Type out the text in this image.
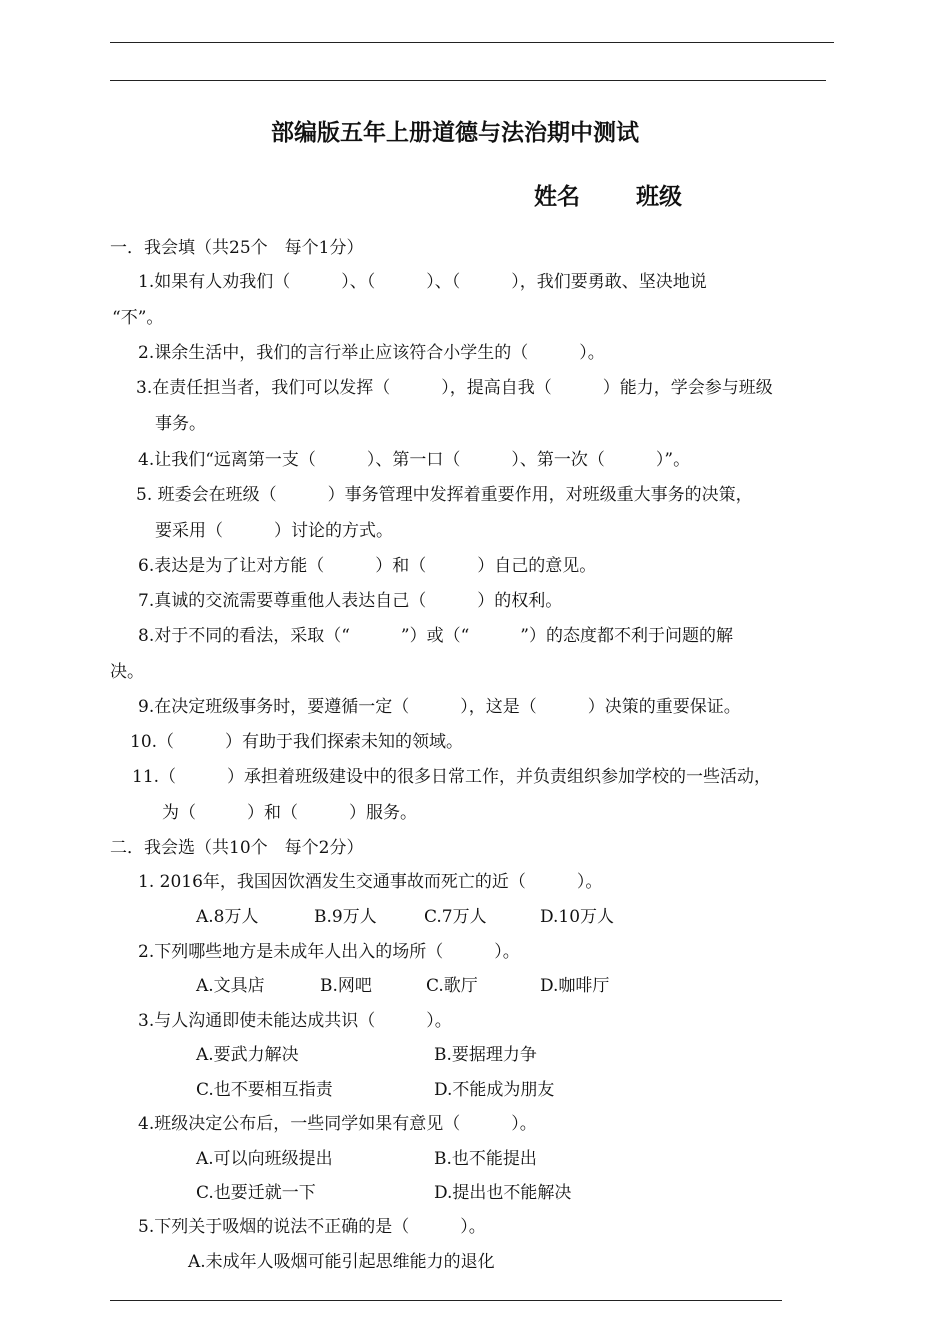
部编版五年上册道德与法治期中测试
姓名 班级
一．我会填（共25个　每个1分）
1.如果有人劝我们（　　　）、（　　　）、（　　　），我们要勇敢、坚决地说
“不”。
2.课余生活中，我们的言行举止应该符合小学生的（　　　）。
3.在责任担当者，我们可以发挥（　　　），提高自我（　　　）能力，学会参与班级
事务。
4.让我们“远离第一支（　　　）、第一口（　　　）、第一次（　　　）”。
5. 班委会在班级（　　　）事务管理中发挥着重要作用，对班级重大事务的决策，
要采用（　　　）讨论的方式。
6.表达是为了让对方能（　　　）和（　　　）自己的意见。
7.真诚的交流需要尊重他人表达自己（　　　）的权利。
8.对于不同的看法，采取（“　　　”）或（“　　　”）的态度都不利于问题的解
决。
9.在决定班级事务时，要遵循一定（　　　），这是（　　　）决策的重要保证。
10.（　　　）有助于我们探索未知的领域。
11.（　　　）承担着班级建设中的很多日常工作，并负责组织参加学校的一些活动，
为（　　　）和（　　　）服务。
二．我会选（共10个　每个2分）
1. 2016年，我国因饮酒发生交通事故而死亡的近（　　　）。
A.8万人	B.9万人	C.7万人	D.10万人
2.下列哪些地方是未成年人出入的场所（　　　）。
A.文具店	B.网吧	C.歌厅	D.咖啡厅
3.与人沟通即使未能达成共识（　　　）。
A.要武力解决	B.要据理力争
C.也不要相互指责	D.不能成为朋友
4.班级决定公布后，一些同学如果有意见（　　　）。
A.可以向班级提出	B.也不能提出
C.也要迁就一下	D.提出也不能解决
5.下列关于吸烟的说法不正确的是（　　　）。
A.未成年人吸烟可能引起思维能力的退化
